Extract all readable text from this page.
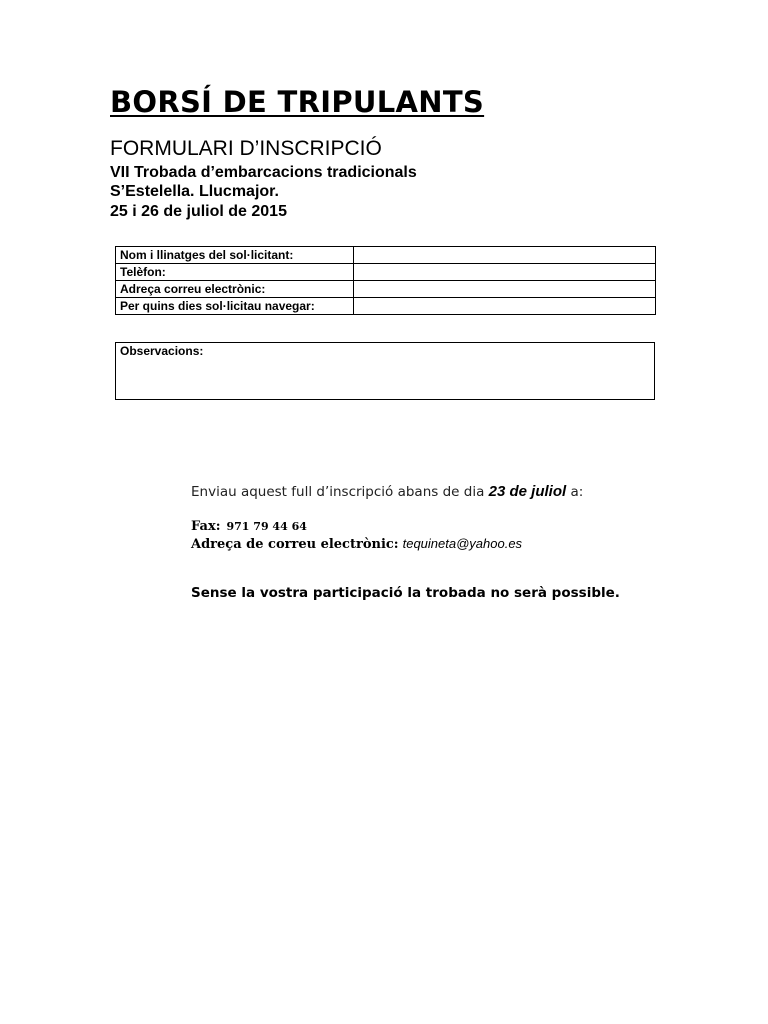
BORSÍ DE TRIPULANTS
FORMULARI D’INSCRIPCIÓ
VII Trobada d’embarcacions tradicionals
S’Estelella. Llucmajor.
25 i 26 de juliol de 2015
Nom i llinatges del sol·licitant:	
Telèfon:	
Adreça correu electrònic:	
Per quins dies sol·licitau navegar:	
Observacions:
Enviau aquest full d’inscripció abans de dia 23 de juliol a:
Fax: 971 79 44 64
Adreça de correu electrònic: tequineta@yahoo.es
Sense la vostra participació la trobada no serà possible.
